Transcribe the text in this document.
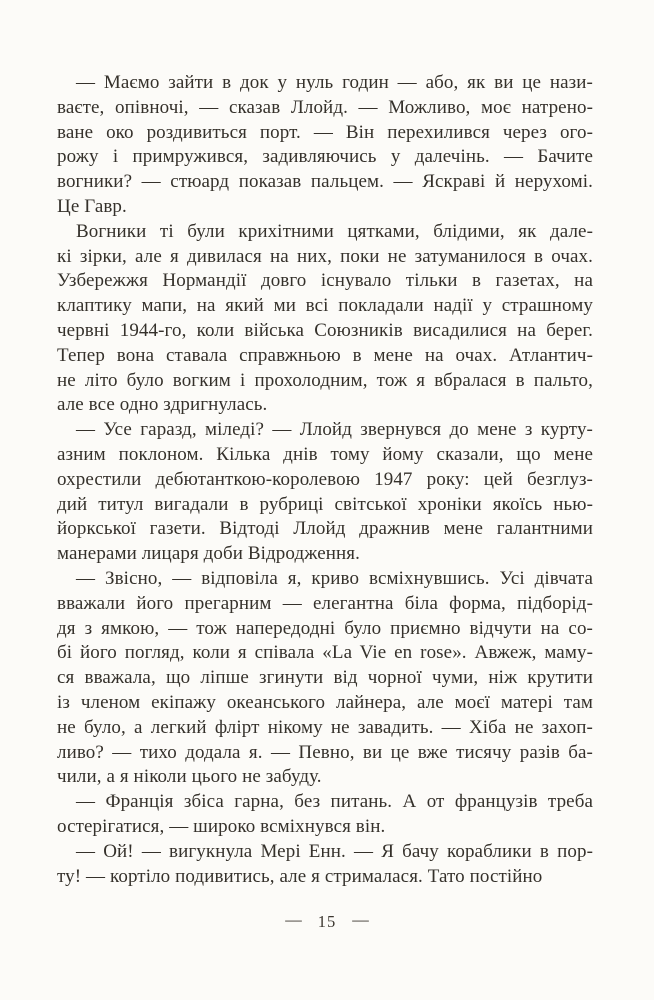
— Маємо зайти в док у нуль годин — або, як ви це нази-
ваєте, опівночі, — сказав Ллойд. — Можливо, моє натрено-
ване око роздивиться порт. — Він перехилився через ого-
рожу і примружився, задивляючись у далечінь. — Бачите
вогники? — стюард показав пальцем. — Яскраві й нерухомі.
Це Гавр.
Вогники ті були крихітними цятками, блідими, як дале-
кі зірки, але я дивилася на них, поки не затуманилося в очах.
Узбережжя Нормандії довго існувало тільки в газетах, на
клаптику мапи, на який ми всі покладали надії у страшному
червні 1944-го, коли війська Союзників висадилися на берег.
Тепер вона ставала справжньою в мене на очах. Атлантич-
не літо було вогким і прохолодним, тож я вбралася в пальто,
але все одно здригнулась.
— Усе гаразд, міледі? — Ллойд звернувся до мене з курту-
азним поклоном. Кілька днів тому йому сказали, що мене
охрестили дебютанткою-королевою 1947 року: цей безглуз-
дий титул вигадали в рубриці світської хроніки якоїсь нью-
йоркської газети. Відтоді Ллойд дражнив мене галантними
манерами лицаря доби Відродження.
— Звісно, — відповіла я, криво всміхнувшись. Усі дівчата
вважали його прегарним — елегантна біла форма, підборід-
дя з ямкою, — тож напередодні було приємно відчути на со-
бі його погляд, коли я співала «La Vie en rose». Авжеж, маму-
ся вважала, що ліпше згинути від чорної чуми, ніж крутити
із членом екіпажу океанського лайнера, але моєї матері там
не було, а легкий флірт нікому не завадить. — Хіба не захоп-
ливо? — тихо додала я. — Певно, ви це вже тисячу разів ба-
чили, а я ніколи цього не забуду.
— Франція збіса гарна, без питань. А от французів треба
остерігатися, — широко всміхнувся він.
— Ой! — вигукнула Мері Енн. — Я бачу кораблики в пор-
ту! — кортіло подивитись, але я стрималася. Тато постійно
— 15 —
